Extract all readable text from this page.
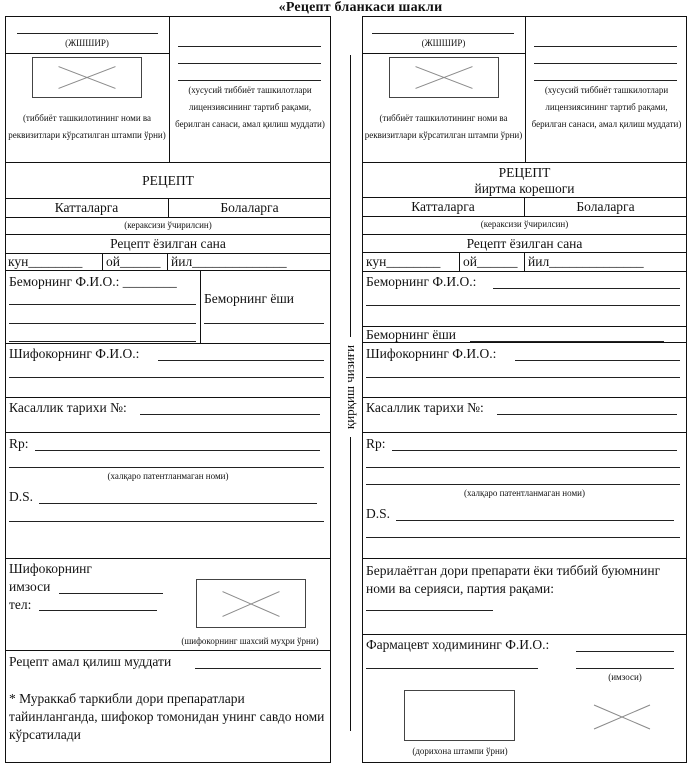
«Рецепт бланкаси шакли
(ЖШШИР)
(тиббиёт ташкилотининг номи ва реквизитлари кўрсатилган штампи ўрни)
(хусусий тиббиёт ташкилотлари лицензиясининг тартиб рақами, берилган санаси, амал қилиш муддати)
РЕЦЕПТ
Катталарга	Болаларга
(кераксизи ўчирилсин)
Рецепт ёзилган сана
кун________ ой______ йил______________
Беморнинг Ф.И.О.: ________
Беморнинг ёши
Шифокорнинг Ф.И.О.:
Касаллик тарихи №:
Rp:
(халқаро патентланмаган номи)
D.S.
Шифокорнинг
имзоси
тел:
(шифокорнинг шахсий муҳри ўрни)
Рецепт амал қилиш муддати
* Мураккаб таркибли дори препаратлари тайинланганда, шифокор томонидан унинг савдо номи кўрсатилади
қирқиш чизиғи
(ЖШШИР)
(тиббиёт ташкилотининг номи ва реквизитлари кўрсатилган штампи ўрни)
(хусусий тиббиёт ташкилотлари лицензиясининг тартиб рақами, берилган санаси, амал қилиш муддати)
РЕЦЕПТ
йиртма корешоги
Катталарга	Болаларга
(кераксизи ўчирилсин)
Рецепт ёзилган сана
кун________ ой______ йил______________
Беморнинг Ф.И.О.:
Беморнинг ёши
Шифокорнинг Ф.И.О.:
Касаллик тарихи №:
Rp:
(халқаро патентланмаган номи)
D.S.
Берилаётган дори препарати ёки тиббий буюмнинг номи ва серияси, партия рақами:
Фармацевт ходимининг Ф.И.О.:
(имзоси)
(дорихона штампи ўрни)
